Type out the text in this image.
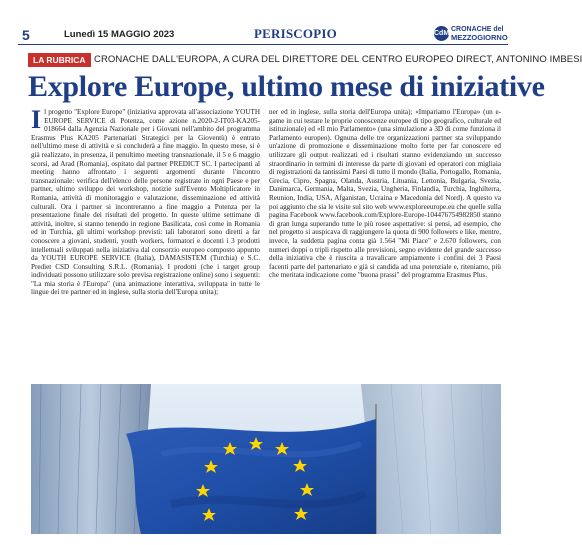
5	Lunedì 15 MAGGIO 2023	PERISCOPIO	CdM
CRONACHE del
MEZZOGIORNO
LA RUBRICA CRONACHE DALL'EUROPA, A CURA DEL DIRETTORE DEL CENTRO EUROPEO DIRECT, ANTONINO IMBESI
Explore Europe, ultimo mese di iniziative
Il progetto "Explore Europe" (iniziativa approvata all'associazione YOUTH EUROPE SERVICE di Potenza, come azione n.2020-2-IT03-KA205-018664 dalla Agenzia Nazionale per i Giovani nell'ambito del programma Erasmus Plus KA205 Partenariati Strategici per la Gioventù) è entrato nell'ultimo mese di attività e si concluderà a fine maggio. In questo mese, si è già realizzato, in presenza, il penultimo meeting transnazionale, il 5 e 6 maggio scorsi, ad Arad (Romania), ospitato dal partner PREDICT SC. I partecipanti al meeting hanno affrontato i seguenti argomenti durante l'incontro transnazionale: verifica dell'elenco delle persone registrate in ogni Paese e per partner, ultimo sviluppo dei workshop, notizie sull'Evento Moltiplicatore in Romania, attività di monitoraggio e valutazione, disseminazione ed attività culturali. Ora i partner si incontreranno a fine maggio a Potenza per la presentazione finale dei risultati del progetto. In queste ultime settimane di attività, inoltre, si stanno tenendo in regione Basilicata, così come in Romania ed in Turchia, gli ultimi workshop previsti: tali laboratori sono diretti a far conoscere a giovani, studenti, youth workers, formatori e docenti i 3 prodotti intellettuali sviluppati nella iniziativa dal consorzio europeo composto appunto da YOUTH EUROPE SERVICE (Italia), DAMASISTEM (Turchia) e S.C. Prediet CSD Consulting S.R.L. (Romania). I prodotti (che i target group individuati possono utilizzare solo previsa registrazione online) sono i seguenti: "La mia storia è l'Europa" (una animazione interattiva, sviluppata in tutte le lingue dei tre partner ed in inglese, sulla storia dell'Europa unita);
ner ed in inglese, sulla storia dell'Europa unita); «Impariamo l'Europa» (un e-game in cui testare le proprie conoscenze europee di tipo geografico, culturale ed istituzionale) ed «Il mio Parlamento» (una simulazione a 3D di come funziona il Parlamento europeo). Ognuna delle tre organizzazioni partner sta sviluppando un'azione di promozione e disseminazione molto forte per far conoscere ed utilizzare gli output realizzati ed i risultati stanno evidenziando un successo straordinario in termini di interesse da parte di giovani ed operatori con migliaia di registrazioni da tantissimi Paesi di tutto il mondo (Italia, Portogallo, Romania, Grecia, Cipro, Spagna, Olanda, Austria, Lituania, Lettonia, Bulgaria, Svezia, Danimarca, Germania, Malta, Svezia, Ungheria, Finlandia, Turchia, Inghilterra, Reunion, India, USA, Afganistan, Ucraina e Macedonia del Nord). A questo va poi aggiunto che sia le visite sul sito web www.exploreeurope.eu che quelle sulla pagina Facebook www.facebook.com/Explore-Europe-104476754982850 stanno di gran lunga superando tutte le più rosee aspettative: si pensi, ad esempio, che nel progetto si auspicava di raggiungere la quota di 900 followers e like, mentre, invece, la suddetta pagina conta già 1.564 "Mi Piace" e 2.670 followers, con numeri doppi o tripli rispetto alle previsioni, segno evidente del grande successo della iniziativa che è riuscita a travalicare ampiamente i confini dei 3 Paesi facenti parte del partenariato e già si candida ad una potenziale e, riteniamo, più che meritata indicazione come "buona prassi" del programma Erasmus Plus.
